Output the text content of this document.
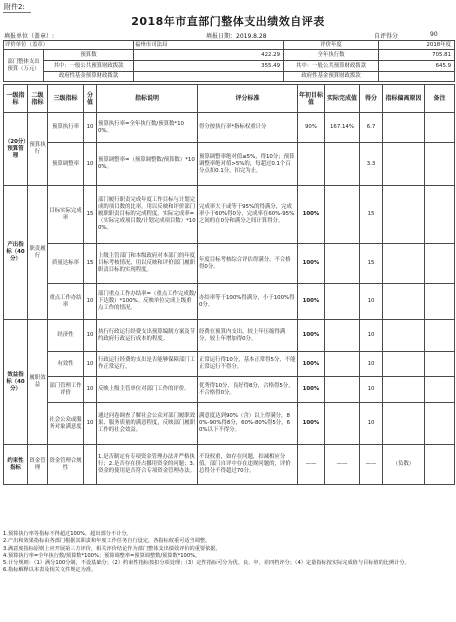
附件2:
2018年市直部门整体支出绩效自评表
填报单位（盖章）:	填报日期：2019.8.28	自评得分	90
评价单位（盖章）		福州市司法局	评价年度	2018年度
部门整体支出预算（万元）	预算数	422.29	全年执行数	705.81
	其中：一般公共预算财政拨款	355.49	其中：一般公共预算财政拨款	645.9
	政府性基金预算财政拨款		政府性基金预算财政拨款	
一级指标	二级指标	三级指标	分值	指标说明	评分标准	年初目标值	实际完成值	得分	指标偏离原因	备注
（20分）预算管理	预算执行	预算执行率	10	预算执行率=全年执行数/预算数*100%。	得分按执行率*指标权重计分	90%	167.14%	6.7		
		预算调整率	10	预算调整率=（预算调整数/预算数）*100%。	预算调整率绝对值≤5%，得10分；预算调整率绝对值>5%的，每超过0.1个百分点扣0.1分，扣完为止。			3.3		
产出指标（40分）	职责履行	目标实际完成率	15	部门履行职责完成年度工作目标与计划完成的项目数的比率，用以反映和评价部门履职职责目标的完成程度。实际完成率=（实际完成项目数/计划完成项目数）*100%。	完成率大于或等于95%的得满分，完成率小于60%得0分，完成率在60%-95%之间的在0分和满分之间计算得分。	100%		15		
		质量达标率	15	上级主管部门和本级政府对本部门的年度目标考核情况，用以反映和评价部门履职职责目标的实现程度。	年度目标考核综合评估得满分，不合格得0分。	100%		15		
		重点工作办结率	10	部门重点工作办结率=（重点工作完成数/下达数）*100%。反映单位完成上级重点工作的情况。	办结率等于100%得满分，小于100%得0分。	100%		10		
效益指标（40分）	履职效益	经济性	10	执行行政运行经费支出预算编制方案及节约政府行政运行成本的程度。	经费在预算内支出，较上年压缩得满分，较上年增加得0分。	100%		10		
		有效性	10	行政运行经费的支出是否能够保障部门工作正常运行。	正常运行得10分，基本正常得5分，不能正常运行不得分。	100%		10		
		部门管理工作评价	10	反映上级主管单位对部门工作的评价。	优秀得10分，良好得8分，合格得5分，不合格得0分。	100%		10		
		社会公众或服务对象满意度	10	通过问卷调查了解社会公众对部门履职效果、服务质量的满意程度，反映部门履职工作的社会效益。	满意度达到90%（含）以上得满分，80%-90%得8分，60%-80%得5分，60%以下不得分。	100%		10		
约束性指标	资金管理	资金管理合规性		1.是否制定有专项资金管理办法并严格执行；2.是否存在挤占挪用资金的问题；3.资金的使用是否符合专项资金管理办法。	不设权重，如存在问题，扣减相应分值。部门自评中存在违规问题的，评价总得分不得超过70分。	——	——	——	（负数）	
1.预算执行率等指标不得超过100%，超出部分不计分。
2.产出和效果指标由各部门根据其职责和年度工作任务自行设定，各指标权重可适当调整。
3.满意度指标原则上应开展第三方评价，相关评价结论作为部门整体支出绩效评价的重要依据。
4.预算执行率=全年执行数/预算数*100%；预算调整率=预算调整数/预算数*100%。
5.计分规则：（1）满分100分制，不设基础分；（2）约束性指标按扣分项处理；（3）定性指标可分为优、良、中、差四档评分；（4）定量指标按实际完成值与目标值的比例计分。
6.指标解释以本表及相关文件规定为准。
